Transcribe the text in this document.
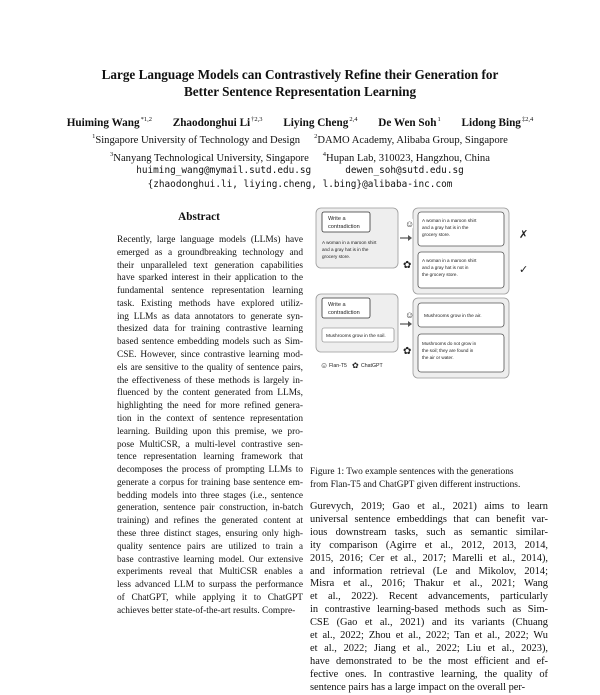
Large Language Models can Contrastively Refine their Generation for
Better Sentence Representation Learning
Huiming Wang$^{*1,2}$ Zhaodonghui Li$^{\dagger 2,3}$ Liying Cheng$^{2,4}$ De Wen Soh$^1$ Lidong Bing$^{\ddagger 2,4}$
$^1$Singapore University of Technology and Design $^2$DAMO Academy, Alibaba Group, Singapore
$^3$Nanyang Technological University, Singapore $^4$Hupan Lab, 310023, Hangzhou, China
huiming_wang@mymail.sutd.edu.sg	dewen_soh@sutd.edu.sg
{zhaodonghui.li, liying.cheng, l.bing}@alibaba-inc.com
Abstract
Recently, large language models (LLMs) have
emerged as a groundbreaking technology and
their unparalleled text generation capabilities
have sparked interest in their application to the
fundamental sentence representation learning
task. Existing methods have explored utiliz-
ing LLMs as data annotators to generate syn-
thesized data for training contrastive learning
based sentence embedding models such as Sim-
CSE. However, since contrastive learning mod-
els are sensitive to the quality of sentence pairs,
the effectiveness of these methods is largely in-
fluenced by the content generated from LLMs,
highlighting the need for more refined genera-
tion in the context of sentence representation
learning. Building upon this premise, we pro-
pose MultiCSR, a multi-level contrastive sen-
tence representation learning framework that
decomposes the process of prompting LLMs to
generate a corpus for training base sentence em-
bedding models into three stages (i.e., sentence
generation, sentence pair construction, in-batch
training) and refines the generated content at
these three distinct stages, ensuring only high-
quality sentence pairs are utilized to train a
base contrastive learning model. Our extensive
experiments reveal that MultiCSR enables a
less advanced LLM to surpass the performance
of ChatGPT, while applying it to ChatGPT
achieves better state-of-the-art results. Compre-
Write a
contradiction
A woman in a maroon shirt
and a gray hat is in the
grocery store.
☺ A woman in a maroon shirt
and a gray hat is in the
grocery store.
✿ A woman in a maroon shirt
and a gray hat is not in
the grocery store.
✗
✓
Write a
contradiction
Mushrooms grow in the soil.
☺ Mushrooms grow in the air.
✿
Mushrooms do not grow in
the soil; they are found in
the air or water.
☺ Flan-T5 ✿ ChatGPT
Figure 1: Two example sentences with the generations
from Flan-T5 and ChatGPT given different instructions.
Gurevych, 2019; Gao et al., 2021) aims to learn
universal sentence embeddings that can benefit var-
ious downstream tasks, such as semantic similar-
ity comparison (Agirre et al., 2012, 2013, 2014,
2015, 2016; Cer et al., 2017; Marelli et al., 2014),
and information retrieval (Le and Mikolov, 2014;
Misra et al., 2016; Thakur et al., 2021; Wang
et al., 2022). Recent advancements, particularly
in contrastive learning-based methods such as Sim-
CSE (Gao et al., 2021) and its variants (Chuang
et al., 2022; Zhou et al., 2022; Tan et al., 2022; Wu
et al., 2022; Jiang et al., 2022; Liu et al., 2023),
have demonstrated to be the most efficient and ef-
fective ones. In contrastive learning, the quality of
sentence pairs has a large impact on the overall per-
